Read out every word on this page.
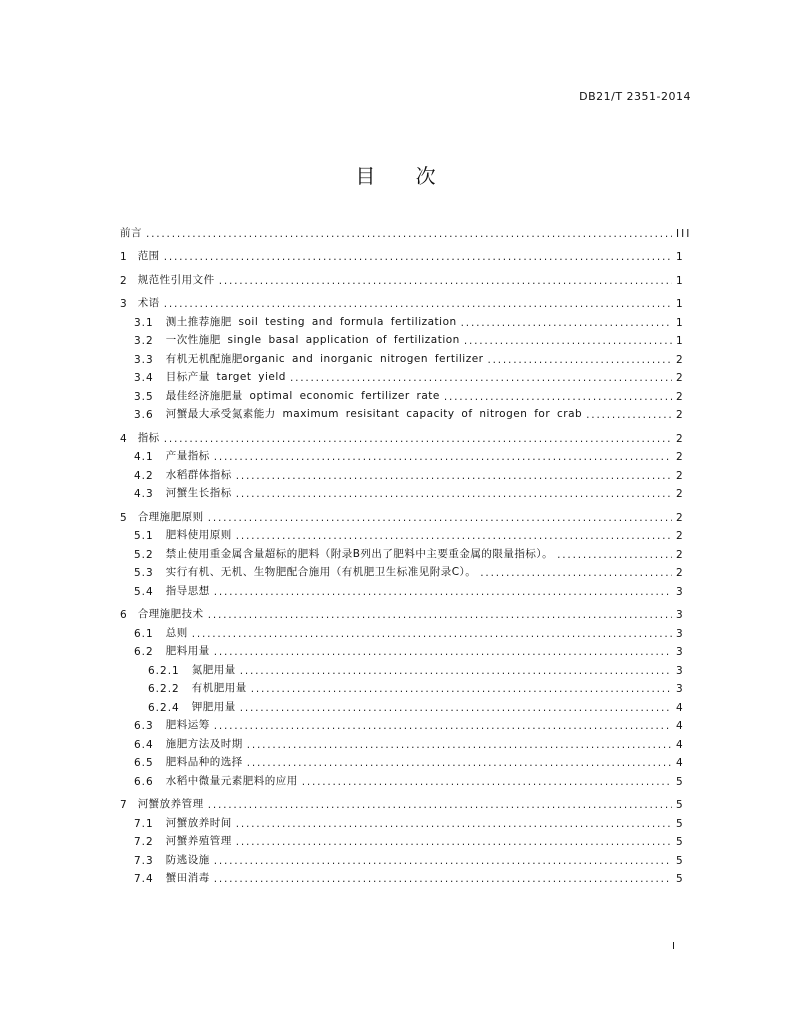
DB21/T 2351-2014
目 次
前言 .....	III
1 范围 .....	1
2 规范性引用文件 .....	1
3 术语 .....	1
3.1 测土推荐施肥 soil testing and formula fertilization .....	1
3.2 一次性施肥 single basal application of fertilization .....	1
3.3 有机无机配施肥organic and inorganic nitrogen fertilizer .....	2
3.4 目标产量 target yield .....	2
3.5 最佳经济施肥量 optimal economic fertilizer rate .....	2
3.6 河蟹最大承受氮素能力 maximum resisitant capacity of nitrogen for crab .....	2
4 指标 .....	2
4.1 产量指标 .....	2
4.2 水稻群体指标 .....	2
4.3 河蟹生长指标 .....	2
5 合理施肥原则 .....	2
5.1 肥料使用原则 .....	2
5.2 禁止使用重金属含量超标的肥料（附录B列出了肥料中主要重金属的限量指标）。 .....	2
5.3 实行有机、无机、生物肥配合施用（有机肥卫生标准见附录C）。 .....	2
5.4 指导思想 .....	3
6 合理施肥技术 .....	3
6.1 总则 .....	3
6.2 肥料用量 .....	3
6.2.1 氮肥用量 .....	3
6.2.2 有机肥用量 .....	3
6.2.4 钾肥用量 .....	4
6.3 肥料运筹 .....	4
6.4 施肥方法及时期 .....	4
6.5 肥料品种的选择 .....	4
6.6 水稻中微量元素肥料的应用 .....	5
7 河蟹放养管理 .....	5
7.1 河蟹放养时间 .....	5
7.2 河蟹养殖管理 .....	5
7.3 防逃设施 .....	5
7.4 蟹田消毒 .....	5
I
